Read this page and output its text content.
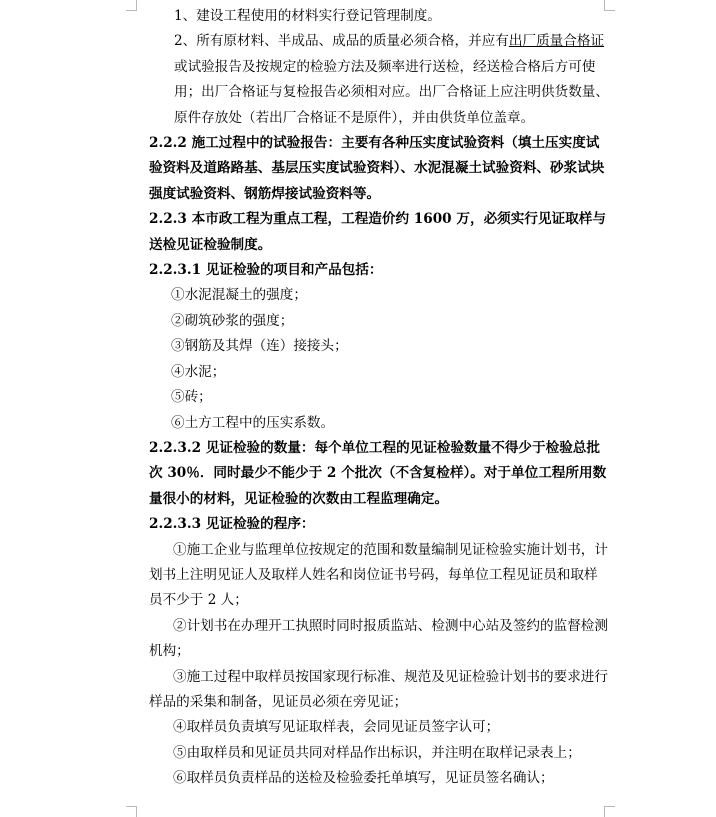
1、建设工程使用的材料实行登记管理制度。

2、所有原材料、半成品、成品的质量必须合格，并应有出厂质量合格证或试验报告及按规定的检验方法及频率进行送检，经送检合格后方可使用；出厂合格证与复检报告必须相对应。出厂合格证上应注明供货数量、原件存放处（若出厂合格证不是原件），并由供货单位盖章。

2.2.2 施工过程中的试验报告：主要有各种压实度试验资料（填土压实度试验资料及道路路基、基层压实度试验资料）、水泥混凝土试验资料、砂浆试块强度试验资料、钢筋焊接试验资料等。

2.2.3 本市政工程为重点工程，工程造价约 1600 万，必须实行见证取样与送检见证检验制度。

2.2.3.1 见证检验的项目和产品包括：

①水泥混凝土的强度；

②砌筑砂浆的强度；

③钢筋及其焊（连）接接头；

④水泥；

⑤砖；

⑥土方工程中的压实系数。

2.2.3.2 见证检验的数量：每个单位工程的见证检验数量不得少于检验总批次 30％．同时最少不能少于 2 个批次（不含复检样）。对于单位工程所用数量很小的材料，见证检验的次数由工程监理确定。

2.2.3.3 见证检验的程序：

①施工企业与监理单位按规定的范围和数量编制见证检验实施计划书，计划书上注明见证人及取样人姓名和岗位证书号码，每单位工程见证员和取样员不少于 2 人；

②计划书在办理开工执照时同时报质监站、检测中心站及签约的监督检测机构；

③施工过程中取样员按国家现行标准、规范及见证检验计划书的要求进行样品的采集和制备，见证员必须在旁见证；

④取样员负责填写见证取样表，会同见证员签字认可；

⑤由取样员和见证员共同对样品作出标识，并注明在取样记录表上；

⑥取样员负责样品的送检及检验委托单填写，见证员签名确认；
